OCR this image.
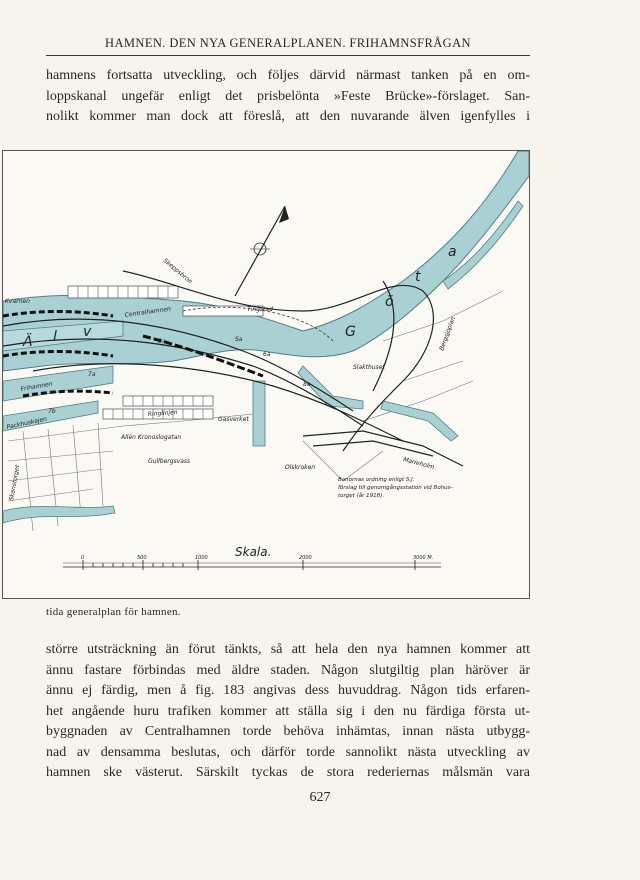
HAMNEN. DEN NYA GENERALPLANEN. FRIHAMNSFRÅGAN
hamnens fortsatta utveckling, och följes därvid närmast tanken på en om-
loppskanal ungefär enligt det prisbelönta »Feste Brücke»-förslaget. San-
nolikt kommer man dock att föreslå, att den nuvarande älven igenfylles i
G
ö
t
a
Ä l v
Tingstad
Skeppsbron
Gullbergsvass
Olskroken
Slakthuset
Frihamnen
Centralhamnen
Packhuskajen	Gasverket
Bergsjöplan
Marieholm
Ringlinjen
Kvarnen
Allén Kronoslogatan
Skanstorget
Sa
6a
7a
7b
8a
9a
Banornas ordning enligt S.J.
förslag till genomgångsstation vid Bohus-
torget (år 1918).
Skala.
0	500	1000	2000	3000 M.
tida generalplan för hamnen.
större utsträckning än förut tänkts, så att hela den nya hamnen kommer att
ännu fastare förbindas med äldre staden. Någon slutgiltig plan häröver är
ännu ej färdig, men å fig. 183 angivas dess huvuddrag. Någon tids erfaren-
het angående huru trafiken kommer att ställa sig i den nu färdiga första ut-
byggnaden av Centralhamnen torde behöva inhämtas, innan nästa utbygg-
nad av densamma beslutas, och därför torde sannolikt nästa utveckling av
hamnen ske västerut. Särskilt tyckas de stora rederiernas målsmän vara
627
